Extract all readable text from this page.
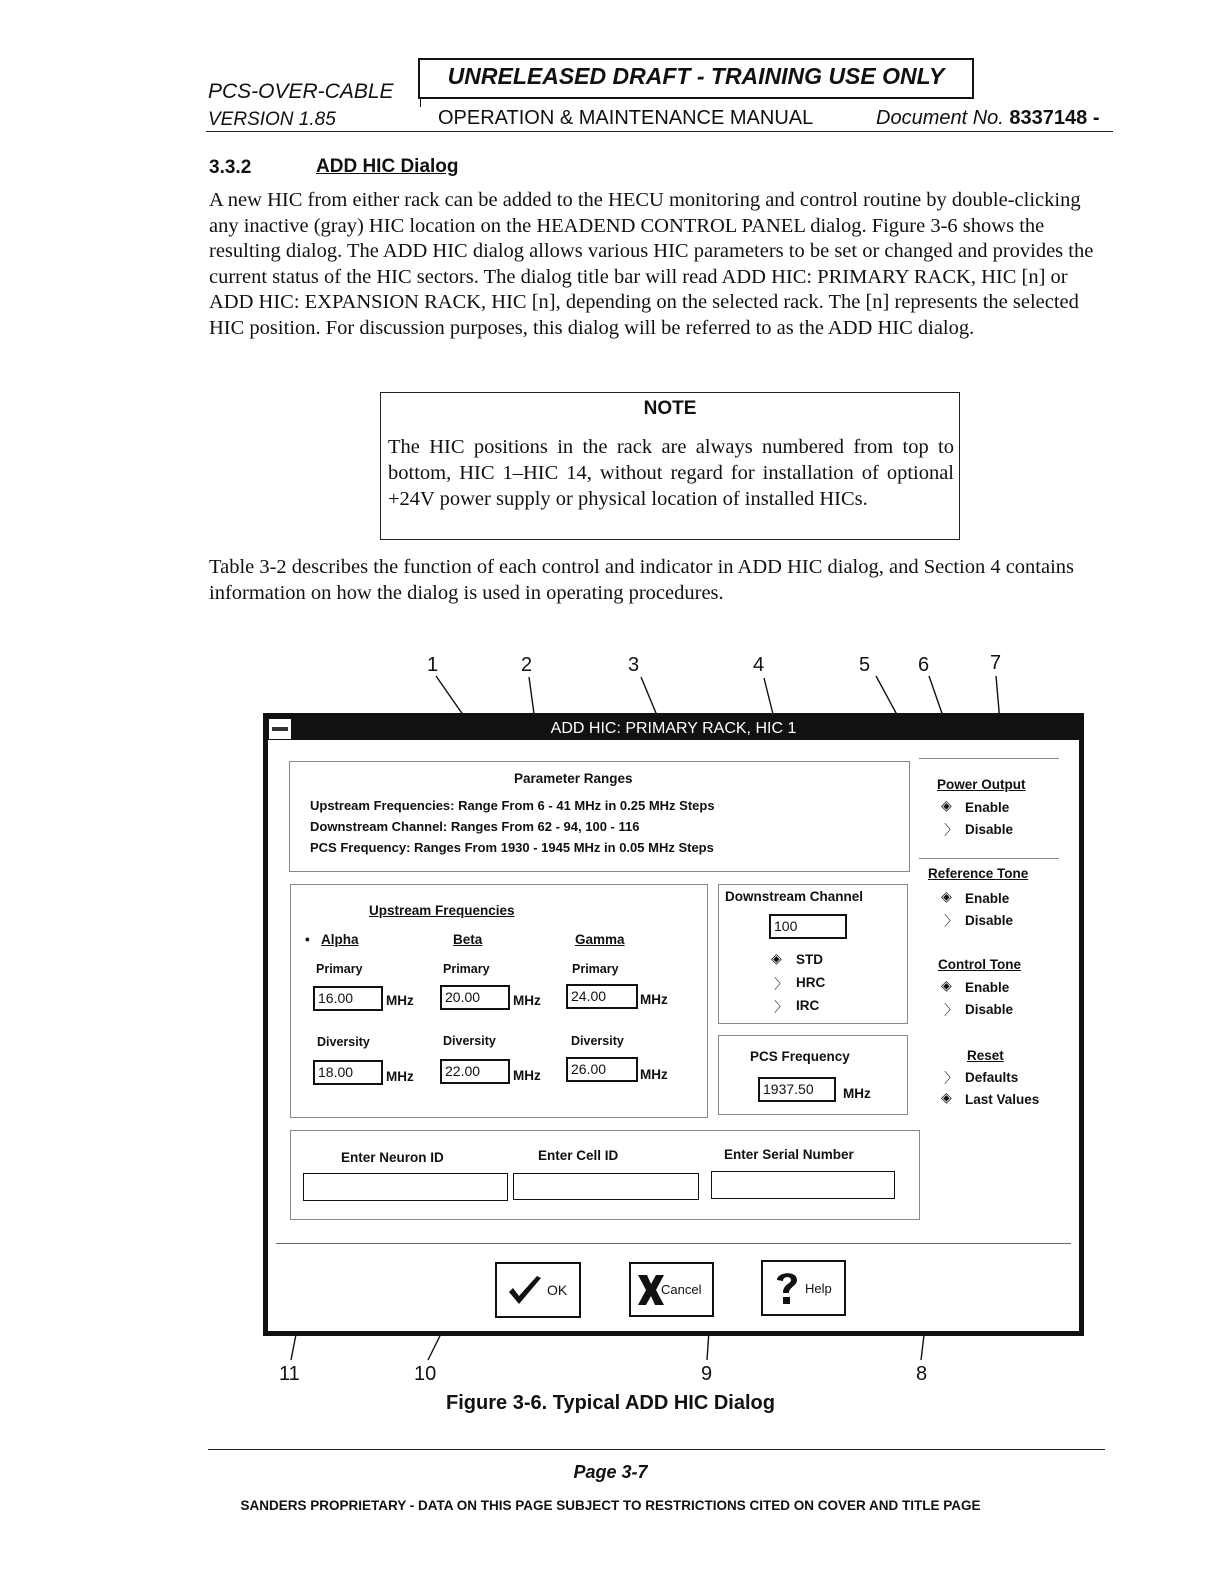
PCS-OVER-CABLE
VERSION 1.85
UNRELEASED DRAFT - TRAINING USE ONLY
OPERATION & MAINTENANCE MANUAL	Document No. 8337148 -
3.3.2	ADD HIC Dialog

A new HIC from either rack can be added to the HECU monitoring and control routine by double-clicking any inactive (gray) HIC location on the HEADEND CONTROL PANEL dialog. Figure 3-6 shows the resulting dialog. The ADD HIC dialog allows various HIC parameters to be set or changed and provides the current status of the HIC sectors. The dialog title bar will read ADD HIC: PRIMARY RACK, HIC [n] or ADD HIC: EXPANSION RACK, HIC [n], depending on the selected rack. The [n] represents the selected HIC position. For discussion purposes, this dialog will be referred to as the ADD HIC dialog.

NOTE
The HIC positions in the rack are always numbered from top to bottom, HIC 1–HIC 14, without regard for installation of optional +24V power supply or physical location of installed HICs.
Table 3-2 describes the function of each control and indicator in ADD HIC dialog, and Section 4 contains information on how the dialog is used in operating procedures.
1	2	3	4	5 6	7
11	10	9	8
ADD HIC: PRIMARY RACK, HIC 1
Parameter Ranges
Upstream Frequencies: Range From 6 - 41 MHz in 0.25 MHz Steps
Downstream Channel: Ranges From 62 - 94, 100 - 116
PCS Frequency: Ranges From 1930 - 1945 MHz in 0.05 MHz Steps
Upstream Frequencies
• Alpha	Beta	Gamma
Primary	Primary	Primary
16.00	MHz	20.00	MHz	24.00	MHz
Diversity	Diversity	Diversity
18.00	MHz	22.00	MHz	26.00	MHz
Downstream Channel
100
◈ STD
〉 HRC
〉 IRC
PCS Frequency
1937.50	MHz
Power Output
◈ Enable
〉 Disable
Reference Tone
◈ Enable
〉 Disable
Control Tone
◈ Enable
〉 Disable
Reset
〉 Defaults
◈ Last Values
Enter Neuron ID	Enter Cell ID	Enter Serial Number
OK	Cancel	Help
Figure 3-6. Typical ADD HIC Dialog
Page 3-7
SANDERS PROPRIETARY - DATA ON THIS PAGE SUBJECT TO RESTRICTIONS CITED ON COVER AND TITLE PAGE
